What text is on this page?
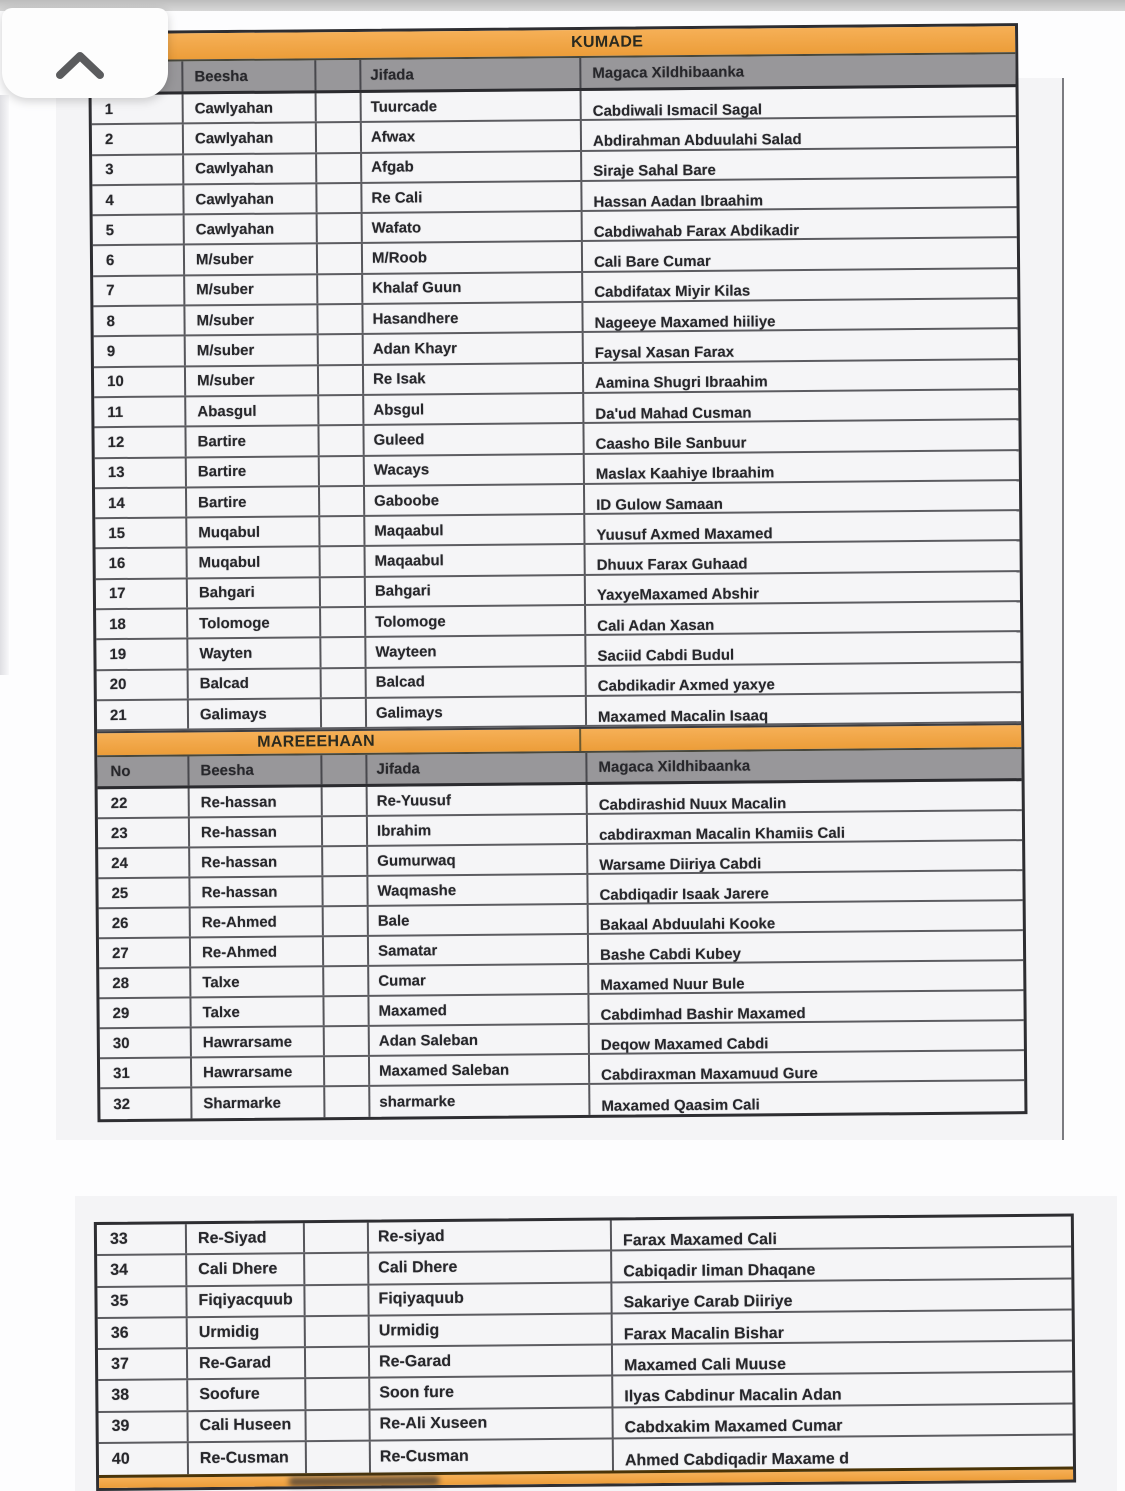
KUMADE
Beesha	Jifada	Magaca Xildhibaanka
1	Cawlyahan	Tuurcade	Cabdiwali Ismacil Sagal
2	Cawlyahan	Afwax	Abdirahman Abduulahi Salad
3	Cawlyahan	Afgab	Siraje Sahal Bare
4	Cawlyahan	Re Cali	Hassan Aadan Ibraahim
5	Cawlyahan	Wafato	Cabdiwahab Farax Abdikadir
6	M/suber	M/Roob	Cali Bare Cumar
7	M/suber	Khalaf Guun	Cabdifatax Miyir Kilas
8	M/suber	Hasandhere	Nageeye Maxamed hiiliye
9	M/suber	Adan Khayr	Faysal Xasan Farax
10	M/suber	Re Isak	Aamina Shugri Ibraahim
11	Abasgul	Absgul	Da'ud Mahad Cusman
12	Bartire	Guleed	Caasho Bile Sanbuur
13	Bartire	Wacays	Maslax Kaahiye Ibraahim
14	Bartire	Gaboobe	ID Gulow Samaan
15	Muqabul	Maqaabul	Yuusuf Axmed Maxamed
16	Muqabul	Maqaabul	Dhuux Farax Guhaad
17	Bahgari	Bahgari	YaxyeMaxamed Abshir
18	Tolomoge	Tolomoge	Cali Adan Xasan
19	Wayten	Wayteen	Saciid Cabdi Budul
20	Balcad	Balcad	Cabdikadir Axmed yaxye
21	Galimays	Galimays	Maxamed Macalin Isaaq
MAREEEHAAN
No	Beesha	Jifada	Magaca Xildhibaanka
22	Re-hassan	Re-Yuusuf	Cabdirashid Nuux Macalin
23	Re-hassan	Ibrahim	cabdiraxman Macalin Khamiis Cali
24	Re-hassan	Gumurwaq	Warsame Diiriya Cabdi
25	Re-hassan	Waqmashe	Cabdiqadir Isaak Jarere
26	Re-Ahmed	Bale	Bakaal Abduulahi Kooke
27	Re-Ahmed	Samatar	Bashe Cabdi Kubey
28	Talxe	Cumar	Maxamed Nuur Bule
29	Talxe	Maxamed	Cabdimhad Bashir Maxamed
30	Hawrarsame	Adan Saleban	Deqow Maxamed Cabdi
31	Hawrarsame	Maxamed Saleban	Cabdiraxman Maxamuud Gure
32	Sharmarke	sharmarke	Maxamed Qaasim Cali
33	Re-Siyad	Re-siyad	Farax Maxamed Cali
34	Cali Dhere	Cali Dhere	Cabiqadir Iiman Dhaqane
35	Fiqiyacquub	Fiqiyaquub	Sakariye Carab Diiriye
36	Urmidig	Urmidig	Farax Macalin Bishar
37	Re-Garad	Re-Garad	Maxamed Cali Muuse
38	Soofure	Soon fure	Ilyas Cabdinur Macalin Adan
39	Cali Huseen	Re-Ali Xuseen	Cabdxakim Maxamed Cumar
40	Re-Cusman	Re-Cusman	Ahmed Cabdiqadir Maxame d
